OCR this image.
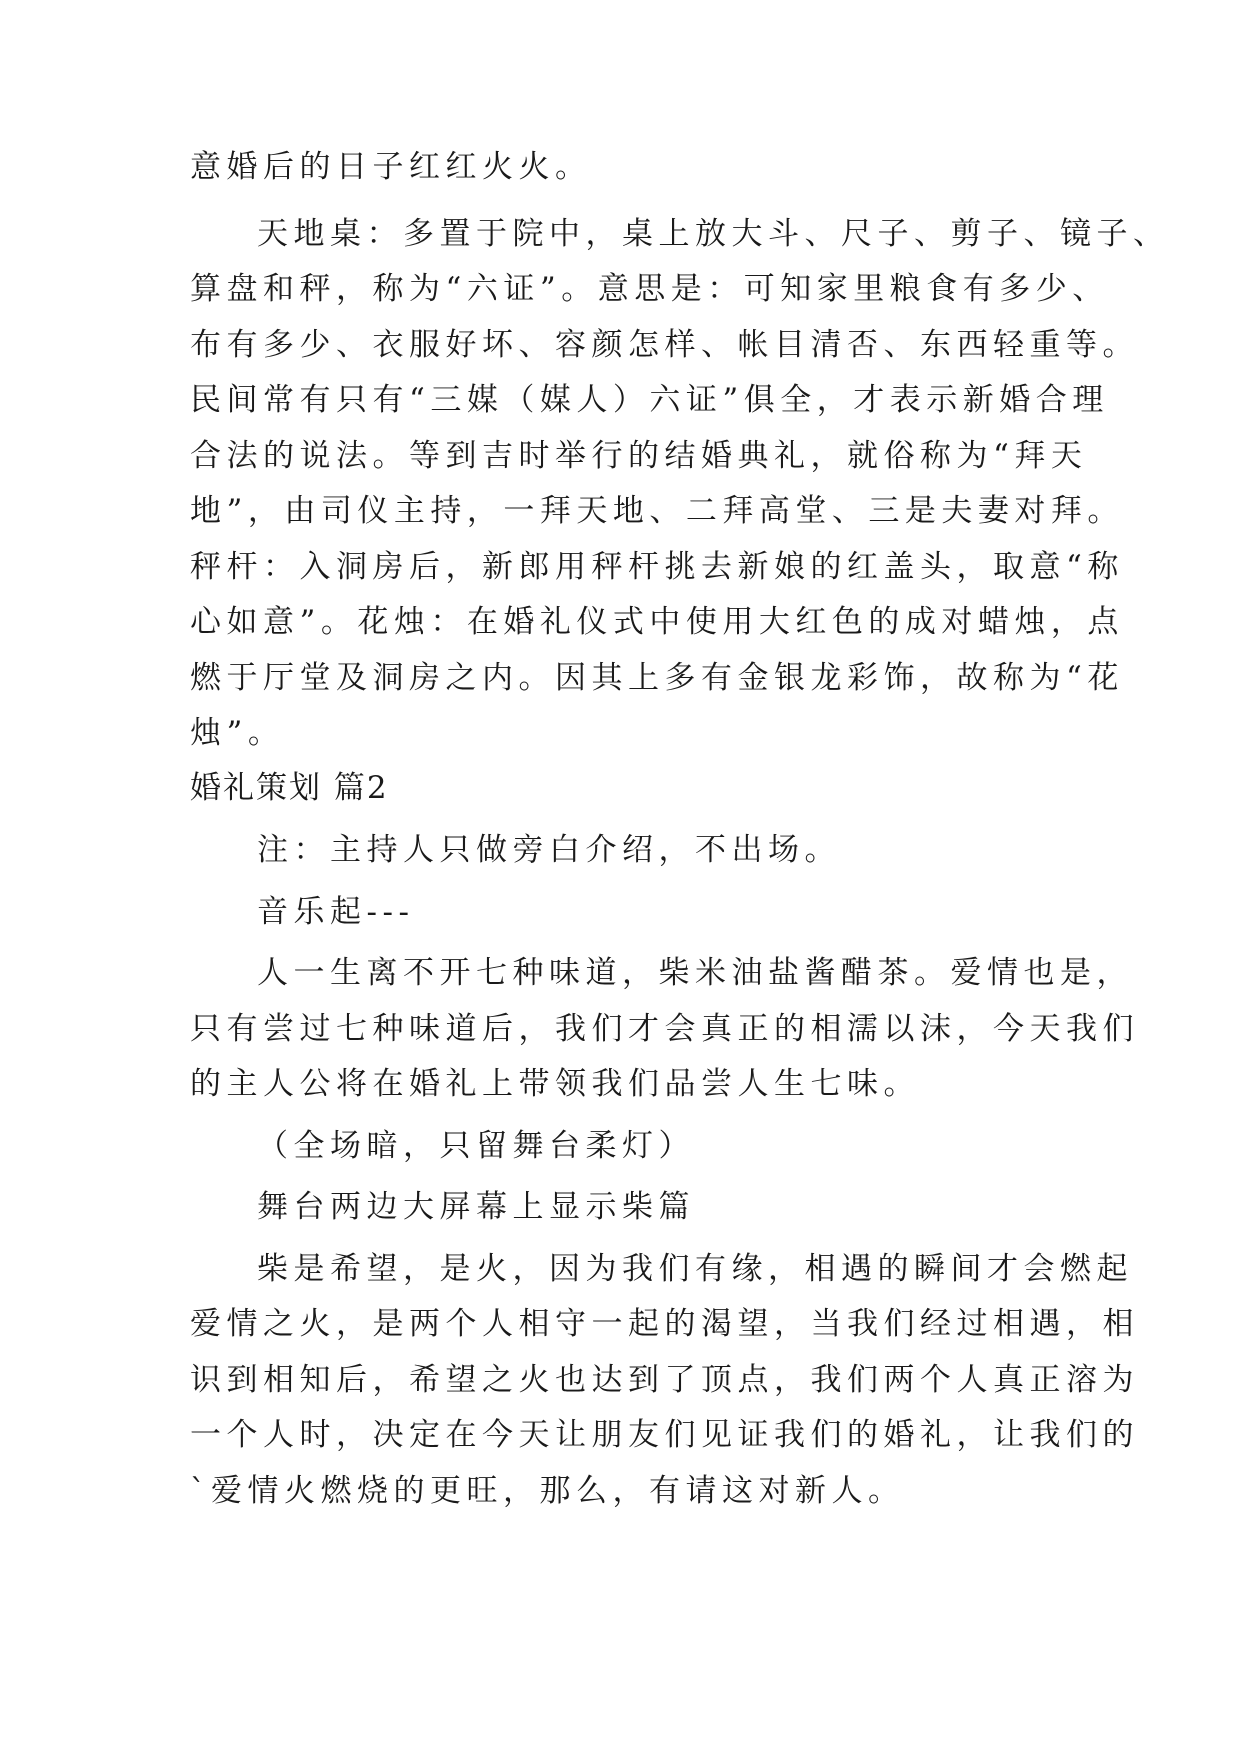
意婚后的日子红红火火。
天地桌：多置于院中，桌上放大斗、尺子、剪子、镜子、
算盘和秤，称为“六证”。意思是：可知家里粮食有多少、
布有多少、衣服好坏、容颜怎样、帐目清否、东西轻重等。
民间常有只有“三媒（媒人）六证”俱全，才表示新婚合理
合法的说法。等到吉时举行的结婚典礼，就俗称为“拜天
地”，由司仪主持，一拜天地、二拜高堂、三是夫妻对拜。
秤杆：入洞房后，新郎用秤杆挑去新娘的红盖头，取意“称
心如意”。花烛：在婚礼仪式中使用大红色的成对蜡烛，点
燃于厅堂及洞房之内。因其上多有金银龙彩饰，故称为“花
烛”。
婚礼策划 篇2
注：主持人只做旁白介绍，不出场。
音乐起---
人一生离不开七种味道，柴米油盐酱醋茶。爱情也是，
只有尝过七种味道后，我们才会真正的相濡以沫，今天我们
的主人公将在婚礼上带领我们品尝人生七味。
（全场暗，只留舞台柔灯）
舞台两边大屏幕上显示柴篇
柴是希望，是火，因为我们有缘，相遇的瞬间才会燃起
爱情之火，是两个人相守一起的渴望，当我们经过相遇，相
识到相知后，希望之火也达到了顶点，我们两个人真正溶为
一个人时，决定在今天让朋友们见证我们的婚礼，让我们的
`爱情火燃烧的更旺，那么，有请这对新人。
